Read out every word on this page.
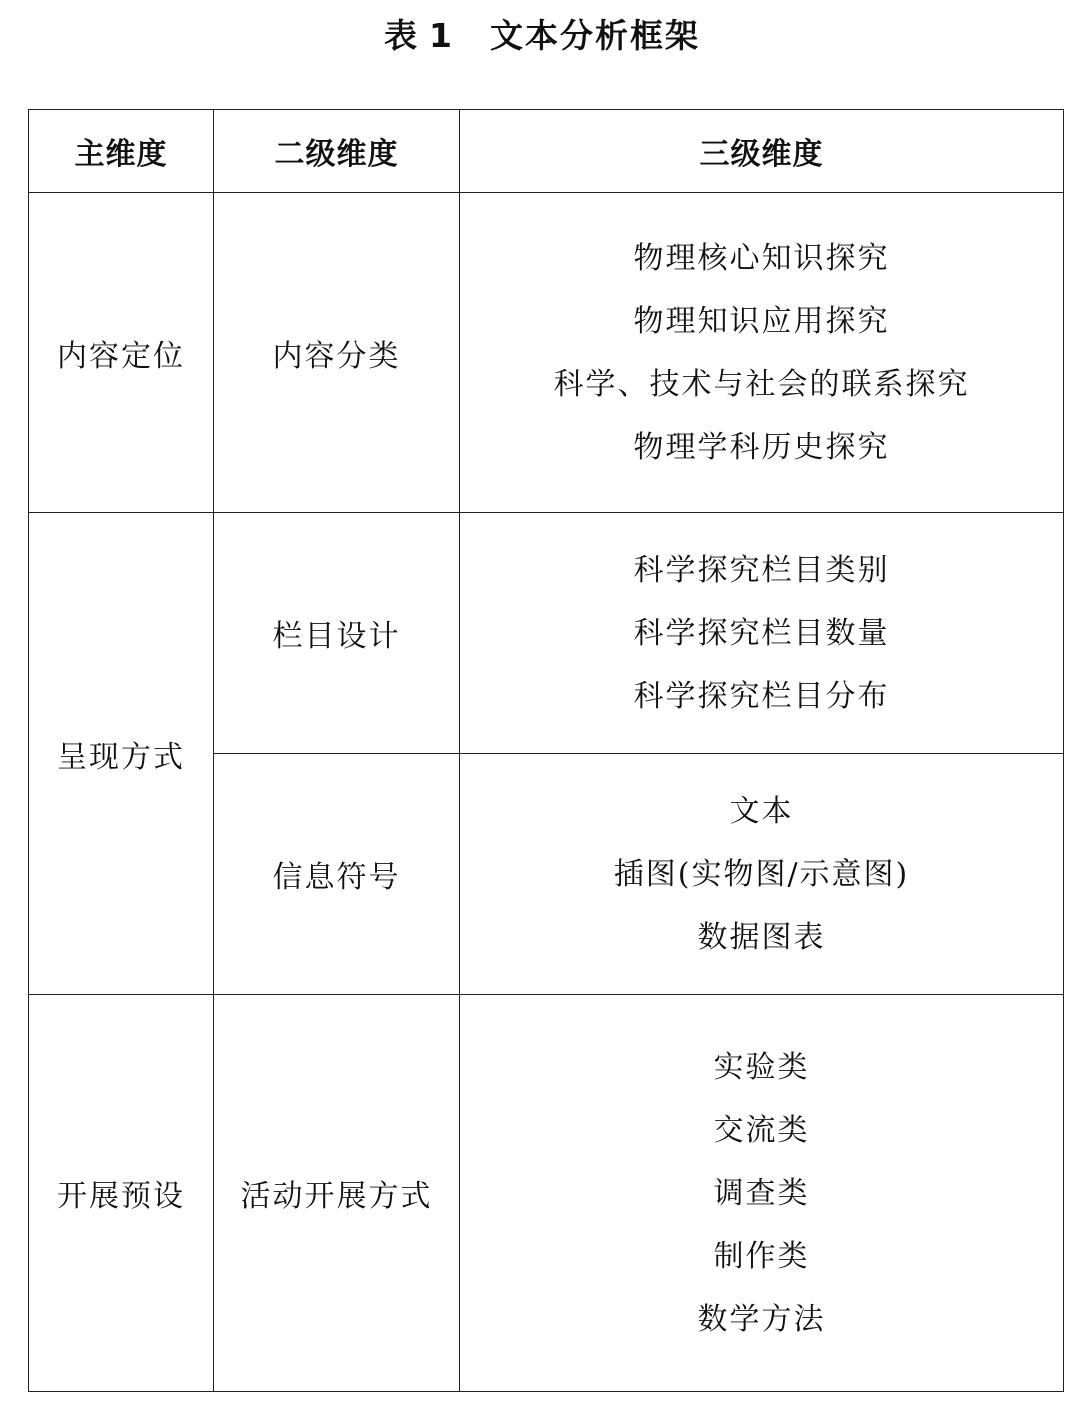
表 1 文本分析框架
主维度	二级维度	三级维度
内容定位	内容分类	物理核心知识探究
物理知识应用探究
科学、技术与社会的联系探究
物理学科历史探究

呈现方式	栏目设计	科学探究栏目类别
科学探究栏目数量
科学探究栏目分布

	信息符号	文本
插图(实物图/示意图)
数据图表

开展预设	活动开展方式	实验类
交流类
调查类
制作类
数学方法
